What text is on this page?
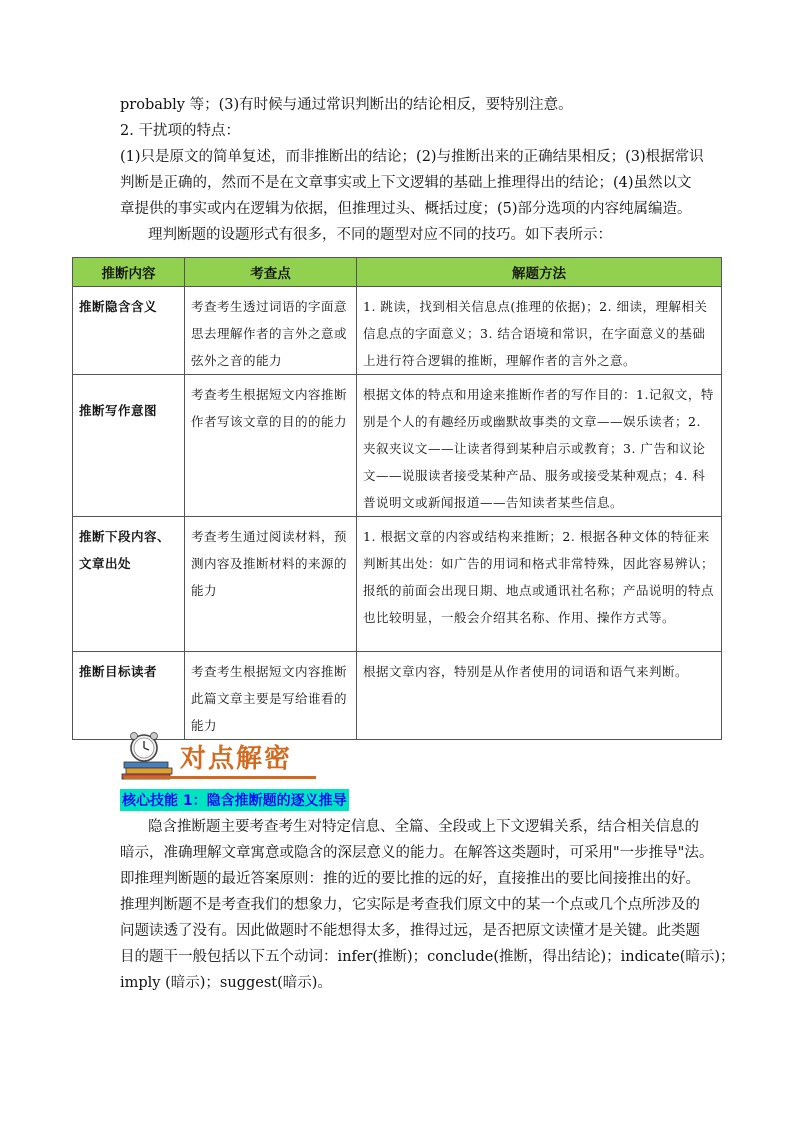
probably 等；(3)有时候与通过常识判断出的结论相反，要特别注意。
2. 干扰项的特点：
(1)只是原文的简单复述，而非推断出的结论；(2)与推断出来的正确结果相反；(3)根据常识
判断是正确的，然而不是在文章事实或上下文逻辑的基础上推理得出的结论；(4)虽然以文
章提供的事实或内在逻辑为依据，但推理过头、概括过度；(5)部分选项的内容纯属编造。
理判断题的设题形式有很多，不同的题型对应不同的技巧。如下表所示：
推断内容	考查点	解题方法
推断隐含含义	考查考生透过词语的字面意思去理解作者的言外之意或弦外之音的能力	1. 跳读，找到相关信息点(推理的依据)；2. 细读，理解相关信息点的字面意义；3. 结合语境和常识，在字面意义的基础上进行符合逻辑的推断，理解作者的言外之意。
推断写作意图	考查考生根据短文内容推断作者写该文章的目的的能力	根据文体的特点和用途来推断作者的写作目的：1.记叙文，特别是个人的有趣经历或幽默故事类的文章——娱乐读者；2. 夹叙夹议文——让读者得到某种启示或教育；3. 广告和议论文——说服读者接受某种产品、服务或接受某种观点；4. 科普说明文或新闻报道——告知读者某些信息。
推断下段内容、文章出处	考查考生通过阅读材料，预测内容及推断材料的来源的能力	1. 根据文章的内容或结构来推断；2. 根据各种文体的特征来判断其出处：如广告的用词和格式非常特殊，因此容易辨认；报纸的前面会出现日期、地点或通讯社名称；产品说明的特点也比较明显，一般会介绍其名称、作用、操作方式等。
推断目标读者	考查考生根据短文内容推断此篇文章主要是写给谁看的能力	根据文章内容，特别是从作者使用的词语和语气来判断。
对点解密
核心技能 1：隐含推断题的逐义推导
隐含推断题主要考查考生对特定信息、全篇、全段或上下文逻辑关系，结合相关信息的
暗示，准确理解文章寓意或隐含的深层意义的能力。在解答这类题时，可采用"一步推导"法。
即推理判断题的最近答案原则：推的近的要比推的远的好，直接推出的要比间接推出的好。
推理判断题不是考查我们的想象力，它实际是考查我们原文中的某一个点或几个点所涉及的
问题读透了没有。因此做题时不能想得太多，推得过远，是否把原文读懂才是关键。此类题
目的题干一般包括以下五个动词：infer(推断)；conclude(推断，得出结论)；indicate(暗示)；
imply (暗示)；suggest(暗示)。
